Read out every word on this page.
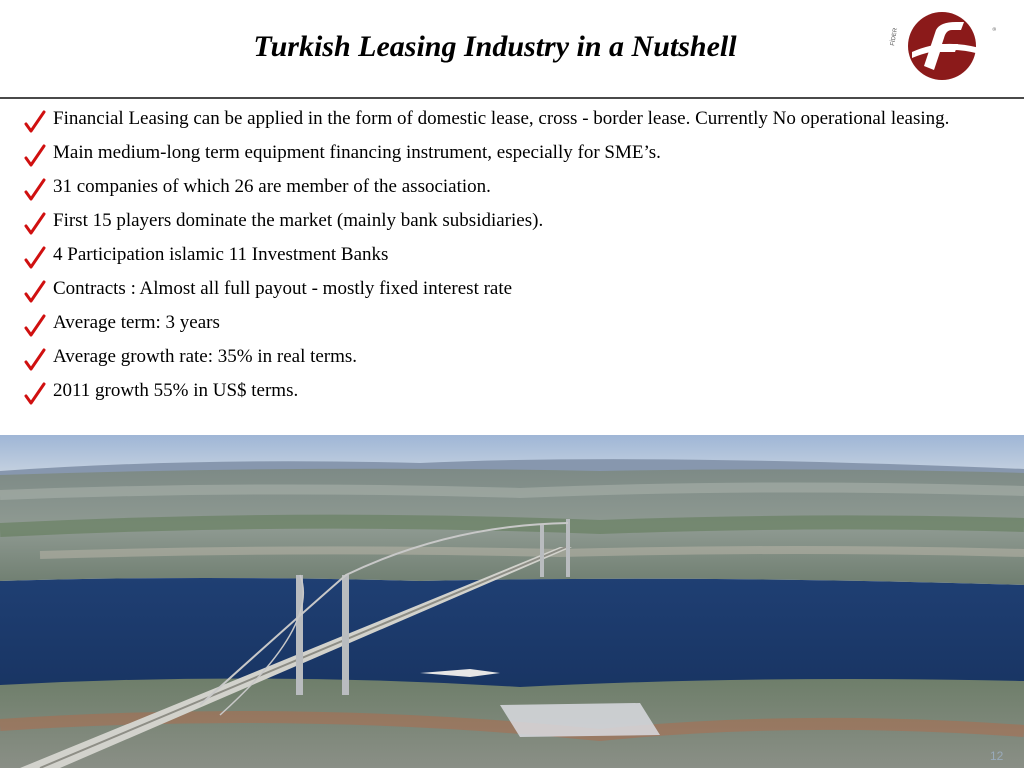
Turkish Leasing Industry in a Nutshell	FİDER	®
Financial Leasing can be applied in the form of domestic lease, cross - border lease. Currently No operational leasing.
Main medium-long term equipment financing instrument, especially for SME’s.
31 companies of which 26 are member of the association.
First 15 players dominate the market (mainly bank subsidiaries).
4 Participation islamic 11 Investment Banks
Contracts : Almost all full payout - mostly fixed interest rate
Average term: 3 years
Average growth rate: 35% in real terms.
2011 growth 55% in US$ terms.
12
